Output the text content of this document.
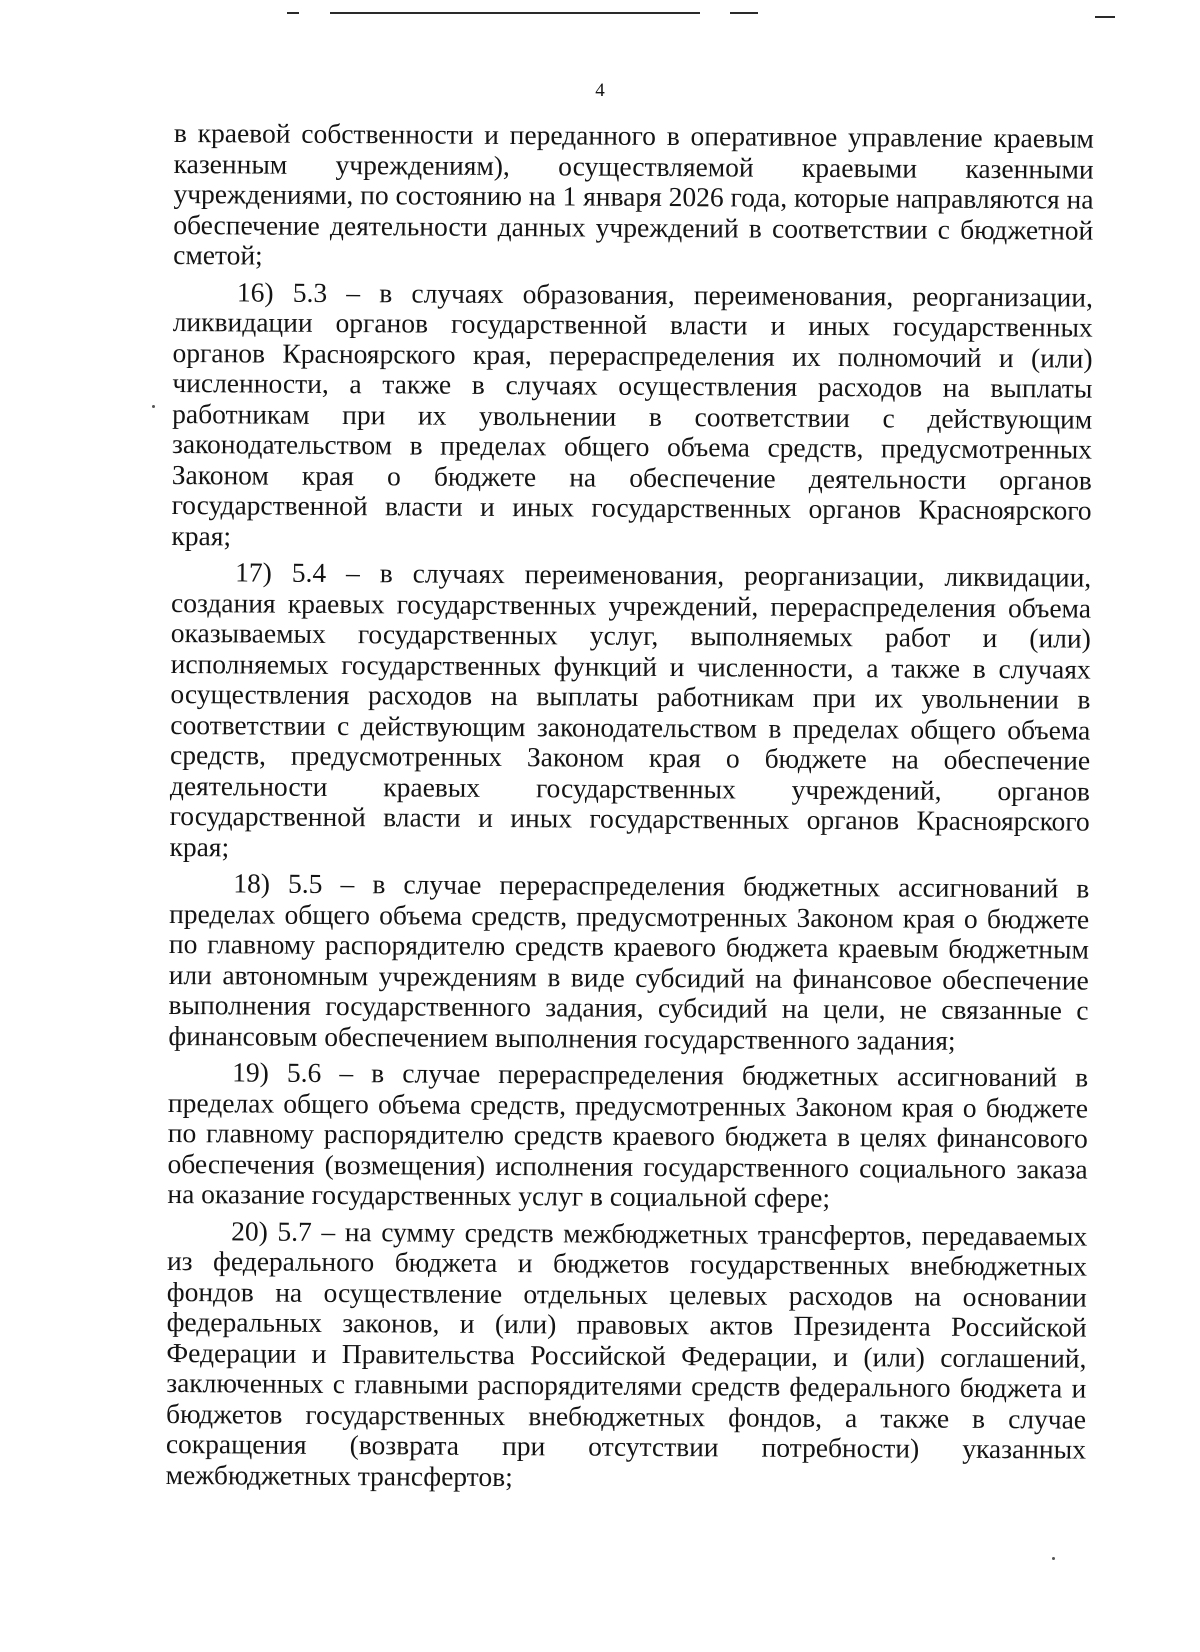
4

в краевой собственности и переданного в оперативное управление краевым казенным учреждениям), осуществляемой краевыми казенными учреждениями, по состоянию на 1 января 2026 года, которые направляются на обеспечение деятельности данных учреждений в соответствии с бюджетной сметой;

16) 5.3 – в случаях образования, переименования, реорганизации, ликвидации органов государственной власти и иных государственных органов Красноярского края, перераспределения их полномочий и (или) численности, а также в случаях осуществления расходов на выплаты работникам при их увольнении в соответствии с действующим законодательством в пределах общего объема средств, предусмотренных Законом края о бюджете на обеспечение деятельности органов государственной власти и иных государственных органов Красноярского края;

17) 5.4 – в случаях переименования, реорганизации, ликвидации, создания краевых государственных учреждений, перераспределения объема оказываемых государственных услуг, выполняемых работ и (или) исполняемых государственных функций и численности, а также в случаях осуществления расходов на выплаты работникам при их увольнении в соответствии с действующим законодательством в пределах общего объема средств, предусмотренных Законом края о бюджете на обеспечение деятельности краевых государственных учреждений, органов государственной власти и иных государственных органов Красноярского края;

18) 5.5 – в случае перераспределения бюджетных ассигнований в пределах общего объема средств, предусмотренных Законом края о бюджете по главному распорядителю средств краевого бюджета краевым бюджетным или автономным учреждениям в виде субсидий на финансовое обеспечение выполнения государственного задания, субсидий на цели, не связанные с финансовым обеспечением выполнения государственного задания;

19) 5.6 – в случае перераспределения бюджетных ассигнований в пределах общего объема средств, предусмотренных Законом края о бюджете по главному распорядителю средств краевого бюджета в целях финансового обеспечения (возмещения) исполнения государственного социального заказа на оказание государственных услуг в социальной сфере;

20) 5.7 – на сумму средств межбюджетных трансфертов, передаваемых из федерального бюджета и бюджетов государственных внебюджетных фондов на осуществление отдельных целевых расходов на основании федеральных законов, и (или) правовых актов Президента Российской Федерации и Правительства Российской Федерации, и (или) соглашений, заключенных с главными распорядителями средств федерального бюджета и бюджетов государственных внебюджетных фондов, а также в случае сокращения (возврата при отсутствии потребности) указанных межбюджетных трансфертов;
